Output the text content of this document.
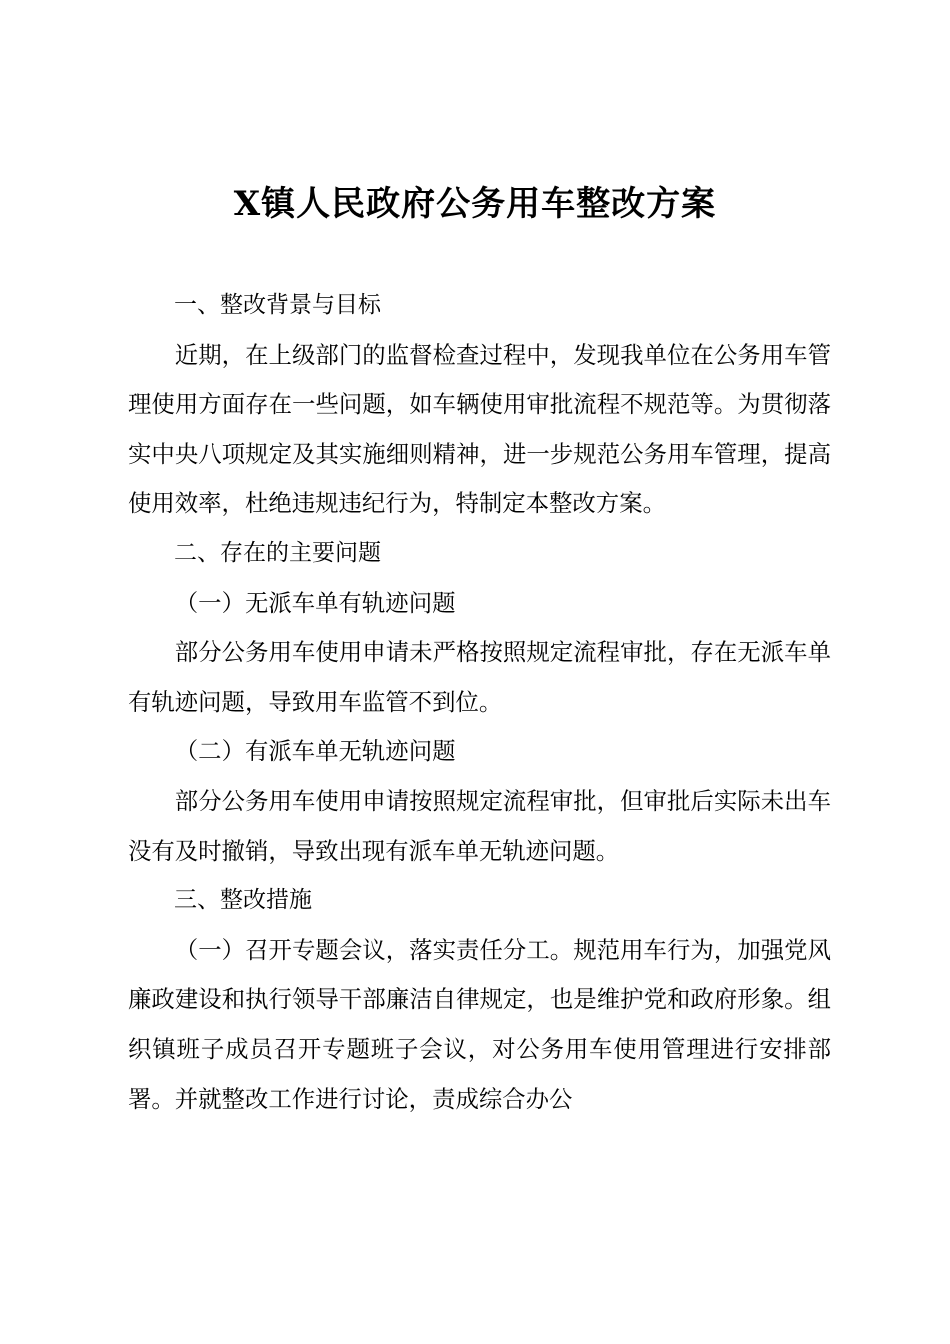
X镇人民政府公务用车整改方案

一、整改背景与目标

近期，在上级部门的监督检查过程中，发现我单位在公务用车管理使用方面存在一些问题，如车辆使用审批流程不规范等。为贯彻落实中央八项规定及其实施细则精神，进一步规范公务用车管理，提高使用效率，杜绝违规违纪行为，特制定本整改方案。

二、存在的主要问题

（一）无派车单有轨迹问题

部分公务用车使用申请未严格按照规定流程审批，存在无派车单有轨迹问题，导致用车监管不到位。

（二）有派车单无轨迹问题

部分公务用车使用申请按照规定流程审批，但审批后实际未出车没有及时撤销，导致出现有派车单无轨迹问题。

三、整改措施

（一）召开专题会议，落实责任分工。规范用车行为，加强党风廉政建设和执行领导干部廉洁自律规定，也是维护党和政府形象。组织镇班子成员召开专题班子会议，对公务用车使用管理进行安排部署。并就整改工作进行讨论，责成综合办公
